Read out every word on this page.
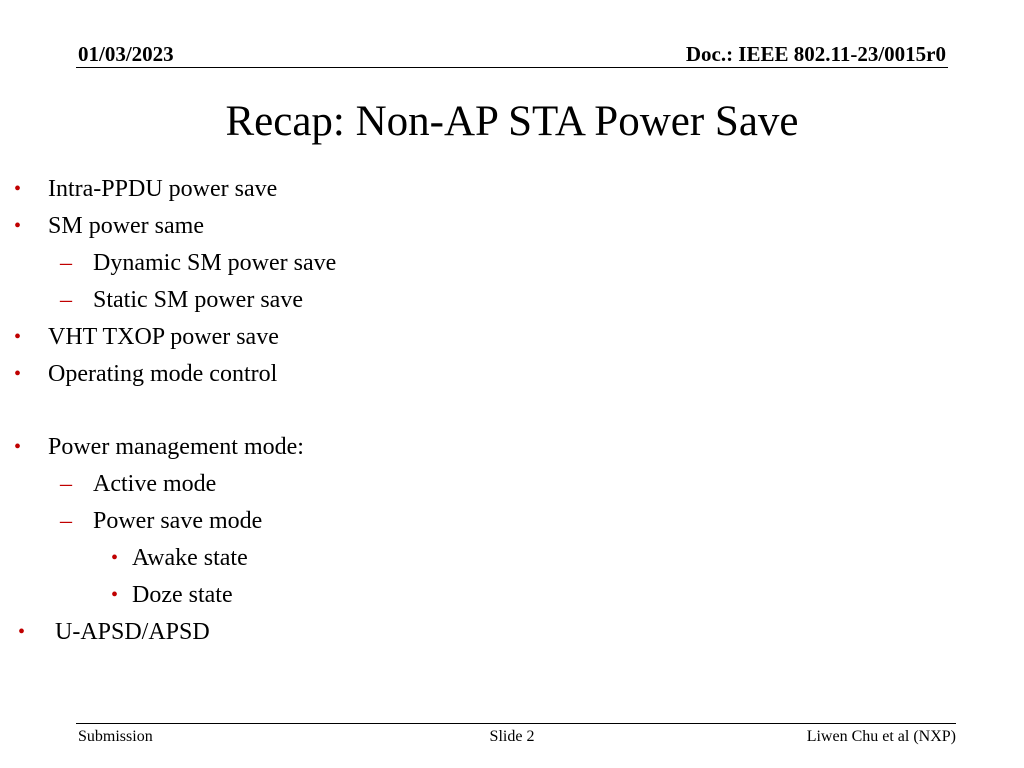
01/03/2023	Doc.: IEEE 802.11-23/0015r0
Recap: Non-AP STA Power Save
• Intra-PPDU power save
• SM power same
– Dynamic SM power save
– Static SM power save
• VHT TXOP power save
• Operating mode control
• Power management mode:
– Active mode
– Power save mode
• Awake state
• Doze state
• U-APSD/APSD
Submission	Slide 2	Liwen Chu et al (NXP)
